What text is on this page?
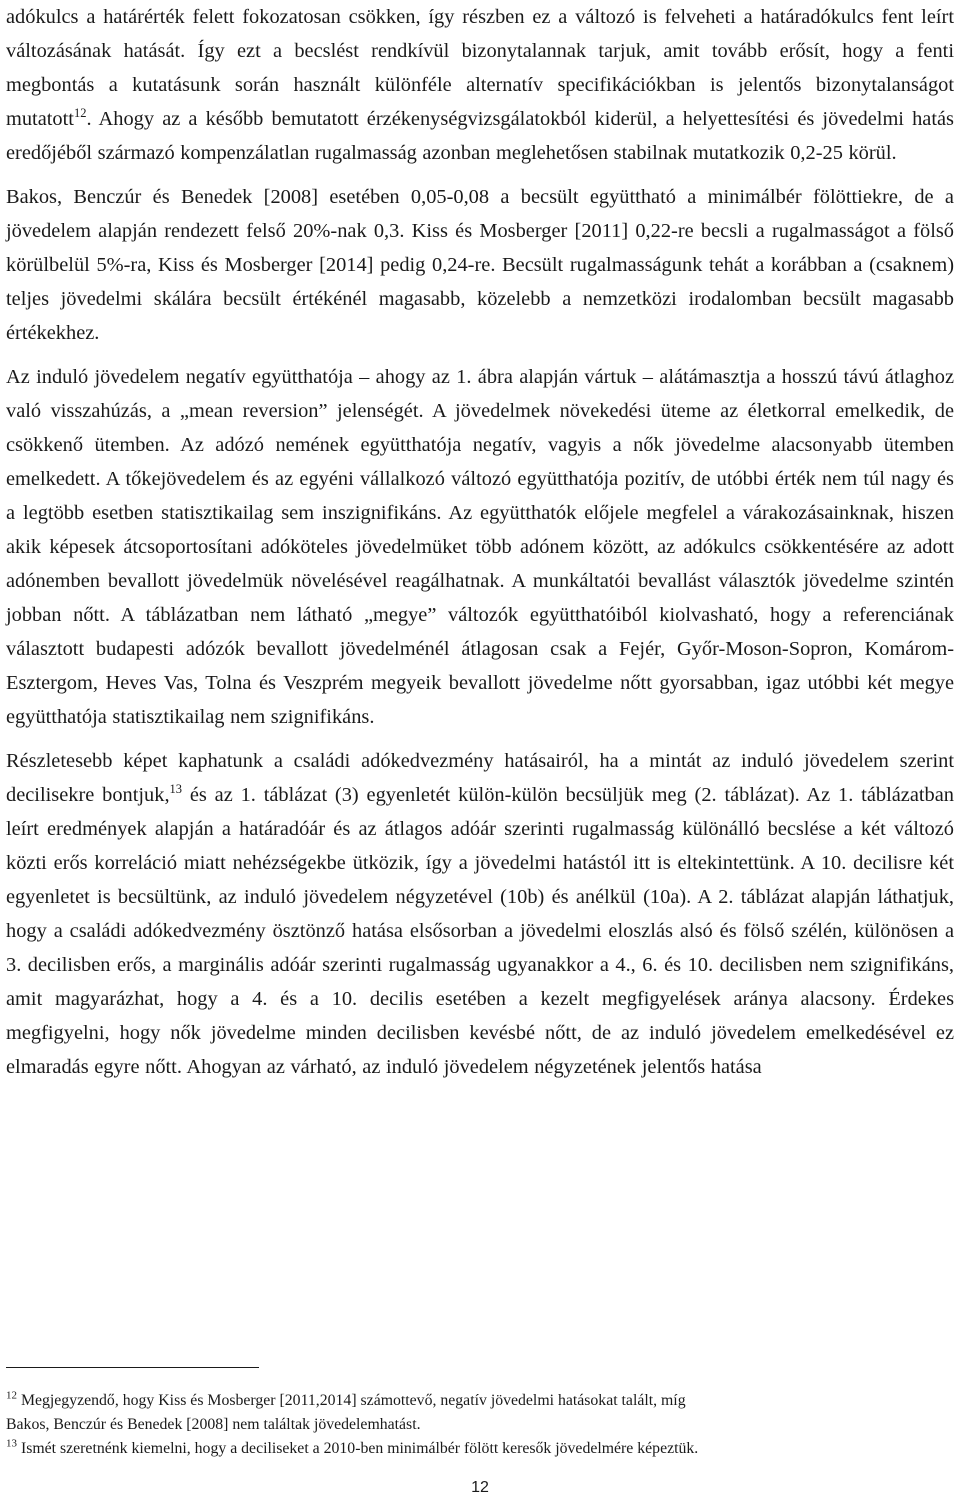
adókulcs a határérték felett fokozatosan csökken, így részben ez a változó is felveheti a határadókulcs fent leírt változásának hatását. Így ezt a becslést rendkívül bizonytalannak tarjuk, amit tovább erősít, hogy a fenti megbontás a kutatásunk során használt különféle alternatív specifikációkban is jelentős bizonytalanságot mutatott$^{12}$. Ahogy az a később bemutatott érzékenységvizsgálatokból kiderül, a helyettesítési és jövedelmi hatás eredőjéből származó kompenzálatlan rugalmasság azonban meglehetősen stabilnak mutatkozik 0,2-25 körül.

Bakos, Benczúr és Benedek [2008] esetében 0,05-0,08 a becsült együttható a minimálbér fölöttiekre, de a jövedelem alapján rendezett felső 20%-nak 0,3. Kiss és Mosberger [2011] 0,22-re becsli a rugalmasságot a fölső körülbelül 5%-ra, Kiss és Mosberger [2014] pedig 0,24-re. Becsült rugalmasságunk tehát a korábban a (csaknem) teljes jövedelmi skálára becsült értékénél magasabb, közelebb a nemzetközi irodalomban becsült magasabb értékekhez.

Az induló jövedelem negatív együtthatója – ahogy az 1. ábra alapján vártuk – alátámasztja a hosszú távú átlaghoz való visszahúzás, a „mean reversion” jelenségét. A jövedelmek növekedési üteme az életkorral emelkedik, de csökkenő ütemben. Az adózó nemének együtthatója negatív, vagyis a nők jövedelme alacsonyabb ütemben emelkedett. A tőkejövedelem és az egyéni vállalkozó változó együtthatója pozitív, de utóbbi érték nem túl nagy és a legtöbb esetben statisztikailag sem inszignifikáns. Az együtthatók előjele megfelel a várakozásainknak, hiszen akik képesek átcsoportosítani adóköteles jövedelmüket több adónem között, az adókulcs csökkentésére az adott adónemben bevallott jövedelmük növelésével reagálhatnak. A munkáltatói bevallást választók jövedelme szintén jobban nőtt. A táblázatban nem látható „megye” változók együtthatóiból kiolvasható, hogy a referenciának választott budapesti adózók bevallott jövedelménél átlagosan csak a Fejér, Győr-Moson-Sopron, Komárom-Esztergom, Heves Vas, Tolna és Veszprém megyeik bevallott jövedelme nőtt gyorsabban, igaz utóbbi két megye együtthatója statisztikailag nem szignifikáns.

Részletesebb képet kaphatunk a családi adókedvezmény hatásairól, ha a mintát az induló jövedelem szerint decilisekre bontjuk,$^{13}$ és az 1. táblázat (3) egyenletét külön-külön becsüljük meg (2. táblázat). Az 1. táblázatban leírt eredmények alapján a határadóár és az átlagos adóár szerinti rugalmasság különálló becslése a két változó közti erős korreláció miatt nehézségekbe ütközik, így a jövedelmi hatástól itt is eltekintettünk. A 10. decilisre két egyenletet is becsültünk, az induló jövedelem négyzetével (10b) és anélkül (10a). A 2. táblázat alapján láthatjuk, hogy a családi adókedvezmény ösztönző hatása elsősorban a jövedelmi eloszlás alsó és fölső szélén, különösen a 3. decilisben erős, a marginális adóár szerinti rugalmasság ugyanakkor a 4., 6. és 10. decilisben nem szignifikáns, amit magyarázhat, hogy a 4. és a 10. decilis esetében a kezelt megfigyelések aránya alacsony. Érdekes megfigyelni, hogy nők jövedelme minden decilisben kevésbé nőtt, de az induló jövedelem emelkedésével ez elmaradás egyre nőtt. Ahogyan az várható, az induló jövedelem négyzetének jelentős hatása

$^{12}$ Megjegyzendő, hogy Kiss és Mosberger [2011,2014] számottevő, negatív jövedelmi hatásokat talált, míg
Bakos, Benczúr és Benedek [2008] nem találtak jövedelemhatást.

$^{13}$ Ismét szeretnénk kiemelni, hogy a deciliseket a 2010-ben minimálbér fölött keresők jövedelmére képeztük.

12
